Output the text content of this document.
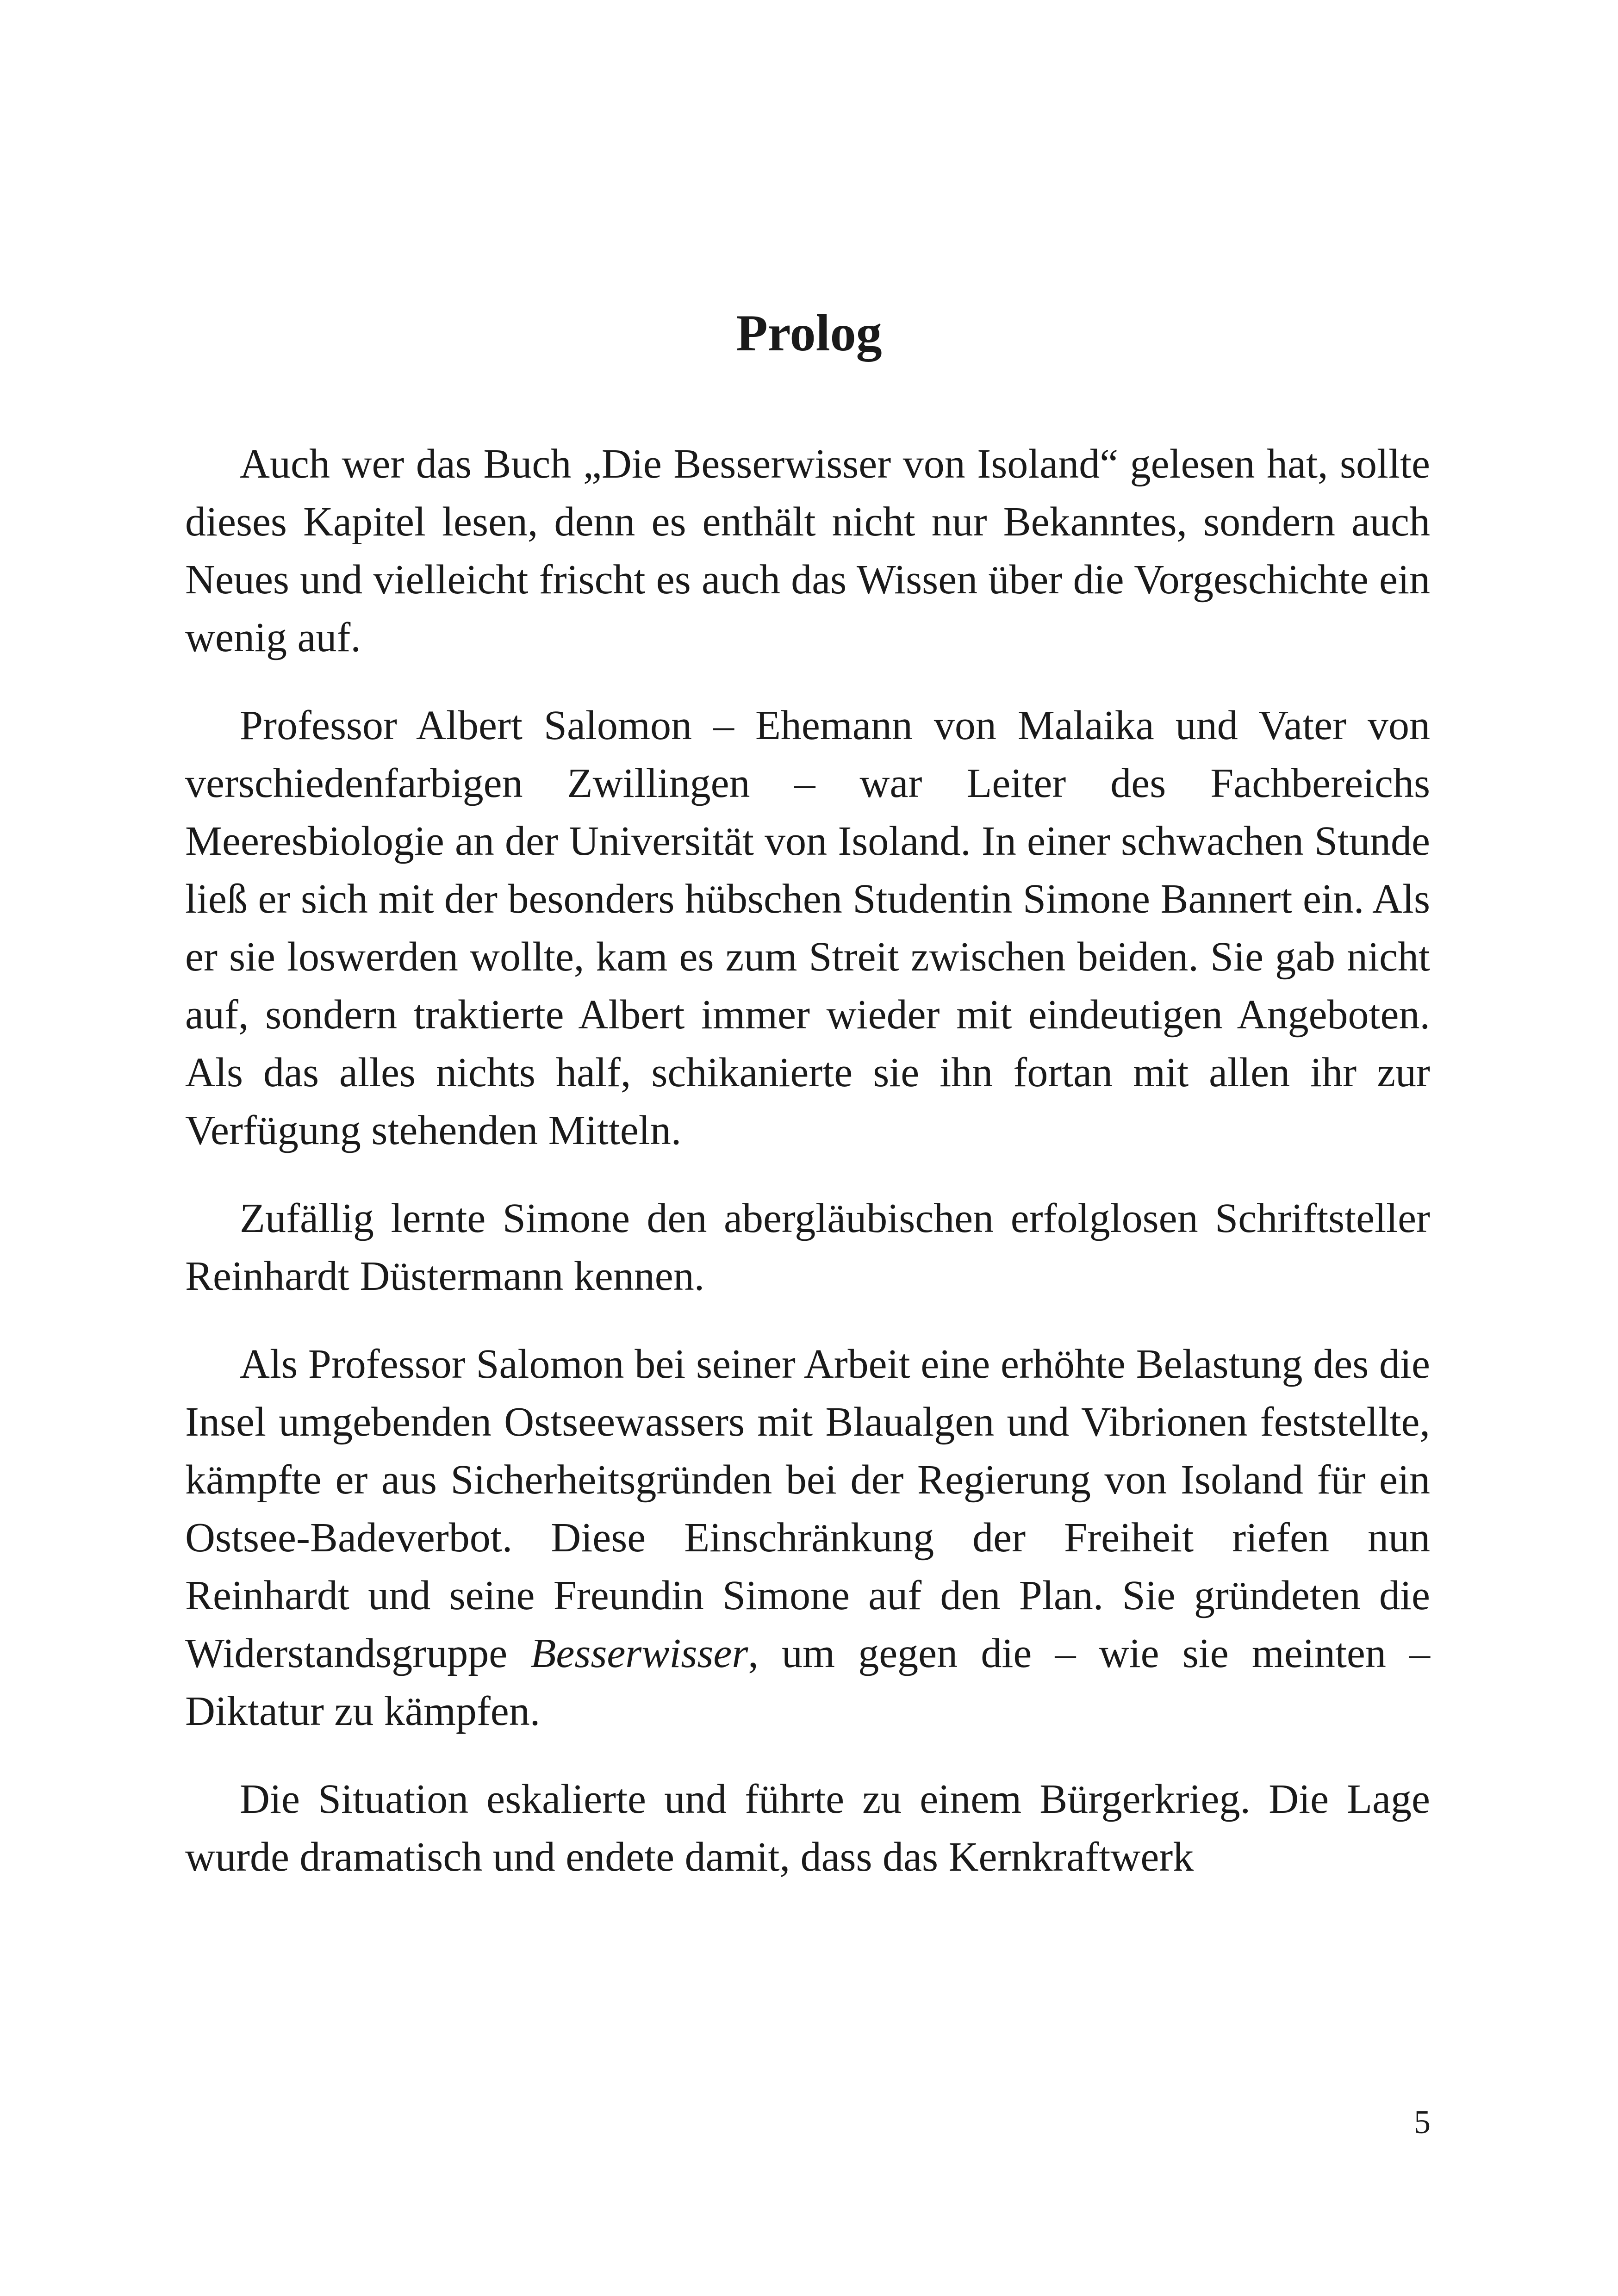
Prolog

Auch wer das Buch „Die Besserwisser von Isoland“ gelesen hat, sollte dieses Kapitel lesen, denn es enthält nicht nur Bekanntes, sondern auch Neues und vielleicht frischt es auch das Wissen über die Vorgeschichte ein wenig auf.

Professor Albert Salomon – Ehemann von Malaika und Vater von verschiedenfarbigen Zwillingen – war Leiter des Fachbereichs Meeresbiologie an der Universität von Isoland. In einer schwachen Stunde ließ er sich mit der besonders hübschen Studentin Simone Bannert ein. Als er sie loswerden wollte, kam es zum Streit zwischen beiden. Sie gab nicht auf, sondern traktierte Albert immer wieder mit eindeutigen Angeboten. Als das alles nichts half, schikanierte sie ihn fortan mit allen ihr zur Verfügung stehenden Mitteln.

Zufällig lernte Simone den abergläubischen erfolglosen Schriftsteller Reinhardt Düstermann kennen.

Als Professor Salomon bei seiner Arbeit eine erhöhte Belastung des die Insel umgebenden Ostseewassers mit Blaualgen und Vibrionen feststellte, kämpfte er aus Sicherheitsgründen bei der Regierung von Isoland für ein Ostsee-Badeverbot. Diese Einschränkung der Freiheit riefen nun Reinhardt und seine Freundin Simone auf den Plan. Sie gründeten die Widerstandsgruppe Besserwisser, um gegen die – wie sie meinten – Diktatur zu kämpfen.

Die Situation eskalierte und führte zu einem Bürgerkrieg. Die Lage wurde dramatisch und endete damit, dass das Kernkraftwerk

5
